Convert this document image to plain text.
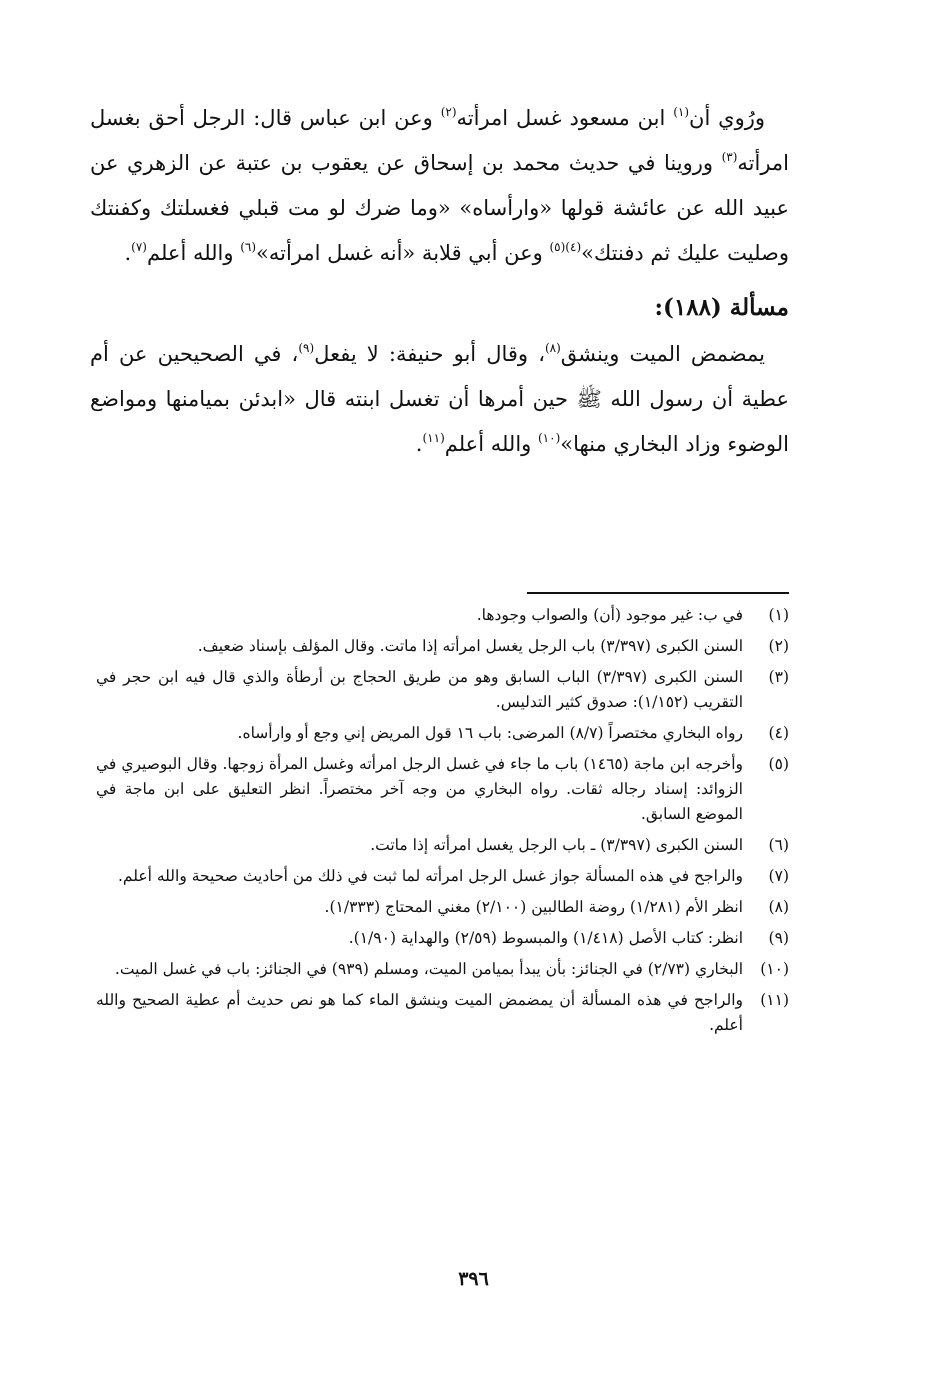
ورُوي أن$^{(١)}$ ابن مسعود غسل امرأته$^{(٢)}$ وعن ابن عباس قال: الرجل أحق بغسل امرأته$^{(٣)}$ وروينا في حديث محمد بن إسحاق عن يعقوب بن عتبة عن الزهري عن عبيد الله عن عائشة قولها «وارأساه» «وما ضرك لو مت قبلي فغسلتك وكفنتك وصليت عليك ثم دفنتك»$^{(٤)(٥)}$ وعن أبي قلابة «أنه غسل امرأته»$^{(٦)}$ والله أعلم$^{(٧)}$.

مسألة (١٨٨):

يمضمض الميت وينشق$^{(٨)}$، وقال أبو حنيفة: لا يفعل$^{(٩)}$، في الصحيحين عن أم عطية أن رسول الله ﷺ حين أمرها أن تغسل ابنته قال «ابدئن بميامنها ومواضع الوضوء وزاد البخاري منها»$^{(١٠)}$ والله أعلم$^{(١١)}$.

(١)
في ب: غير موجود (أن) والصواب وجودها.
(٢)
السنن الكبرى (٣/٣٩٧) باب الرجل يغسل امرأته إذا ماتت. وقال المؤلف بإسناد ضعيف.
(٣)
السنن الكبرى (٣/٣٩٧) الباب السابق وهو من طريق الحجاج بن أرطأة والذي قال فيه ابن حجر في التقريب (١/١٥٢): صدوق كثير التدليس.
(٤)
رواه البخاري مختصراً (٨/٧) المرضى: باب ١٦ قول المريض إني وجع أو وارأساه.
(٥)
وأخرجه ابن ماجة (١٤٦٥) باب ما جاء في غسل الرجل امرأته وغسل المرأة زوجها. وقال البوصيري في الزوائد: إسناد رجاله ثقات. رواه البخاري من وجه آخر مختصراً. انظر التعليق على ابن ماجة في الموضع السابق.
(٦)
السنن الكبرى (٣/٣٩٧) ـ باب الرجل يغسل امرأته إذا ماتت.
(٧)
والراجح في هذه المسألة جواز غسل الرجل امرأته لما ثبت في ذلك من أحاديث صحيحة والله أعلم.
(٨)
انظر الأم (١/٢٨١) روضة الطالبين (٢/١٠٠) مغني المحتاج (١/٣٣٣).
(٩)
انظر: كتاب الأصل (١/٤١٨) والمبسوط (٢/٥٩) والهداية (١/٩٠).
(١٠)
البخاري (٢/٧٣) في الجنائز: بأن يبدأ بميامن الميت، ومسلم (٩٣٩) في الجنائز: باب في غسل الميت.
(١١)
والراجح في هذه المسألة أن يمضمض الميت وينشق الماء كما هو نص حديث أم عطية الصحيح والله أعلم.
٣٩٦
